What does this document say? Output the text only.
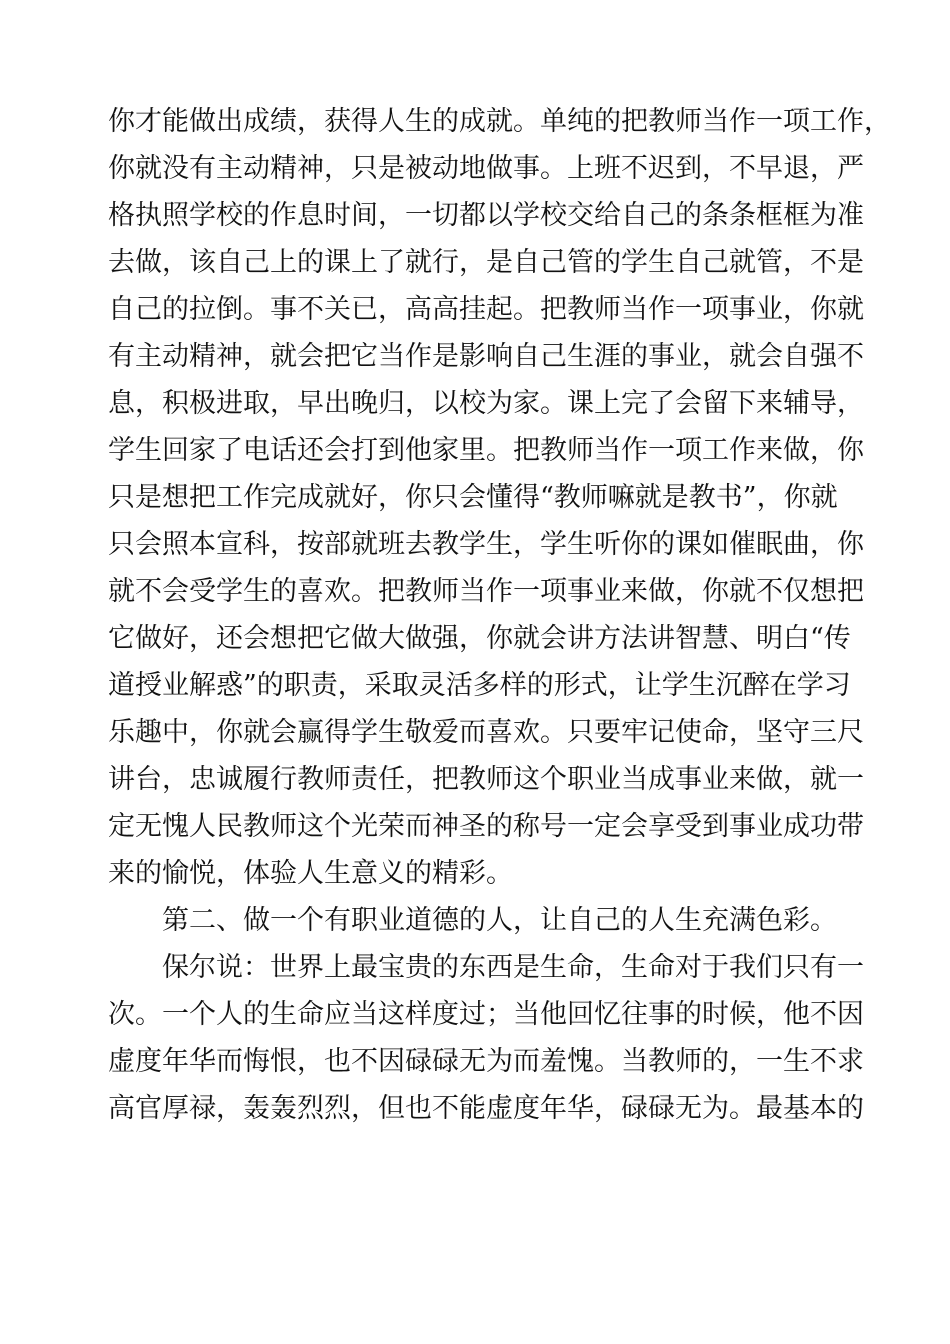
你才能做出成绩，获得人生的成就。单纯的把教师当作一项工作，
你就没有主动精神，只是被动地做事。上班不迟到，不早退，严
格执照学校的作息时间，一切都以学校交给自己的条条框框为准
去做，该自己上的课上了就行，是自己管的学生自己就管，不是
自己的拉倒。事不关已，高高挂起。把教师当作一项事业，你就
有主动精神，就会把它当作是影响自己生涯的事业，就会自强不
息，积极进取，早出晚归，以校为家。课上完了会留下来辅导，
学生回家了电话还会打到他家里。把教师当作一项工作来做，你
只是想把工作完成就好，你只会懂得“教师嘛就是教书”，你就
只会照本宣科，按部就班去教学生，学生听你的课如催眠曲，你
就不会受学生的喜欢。把教师当作一项事业来做，你就不仅想把
它做好，还会想把它做大做强，你就会讲方法讲智慧、明白“传
道授业解惑”的职责，采取灵活多样的形式，让学生沉醉在学习
乐趣中，你就会赢得学生敬爱而喜欢。只要牢记使命，坚守三尺
讲台，忠诚履行教师责任，把教师这个职业当成事业来做，就一
定无愧人民教师这个光荣而神圣的称号一定会享受到事业成功带
来的愉悦，体验人生意义的精彩。
第二、做一个有职业道德的人，让自己的人生充满色彩。
保尔说：世界上最宝贵的东西是生命，生命对于我们只有一
次。一个人的生命应当这样度过；当他回忆往事的时候，他不因
虚度年华而悔恨，也不因碌碌无为而羞愧。当教师的，一生不求
高官厚禄，轰轰烈烈，但也不能虚度年华，碌碌无为。最基本的
